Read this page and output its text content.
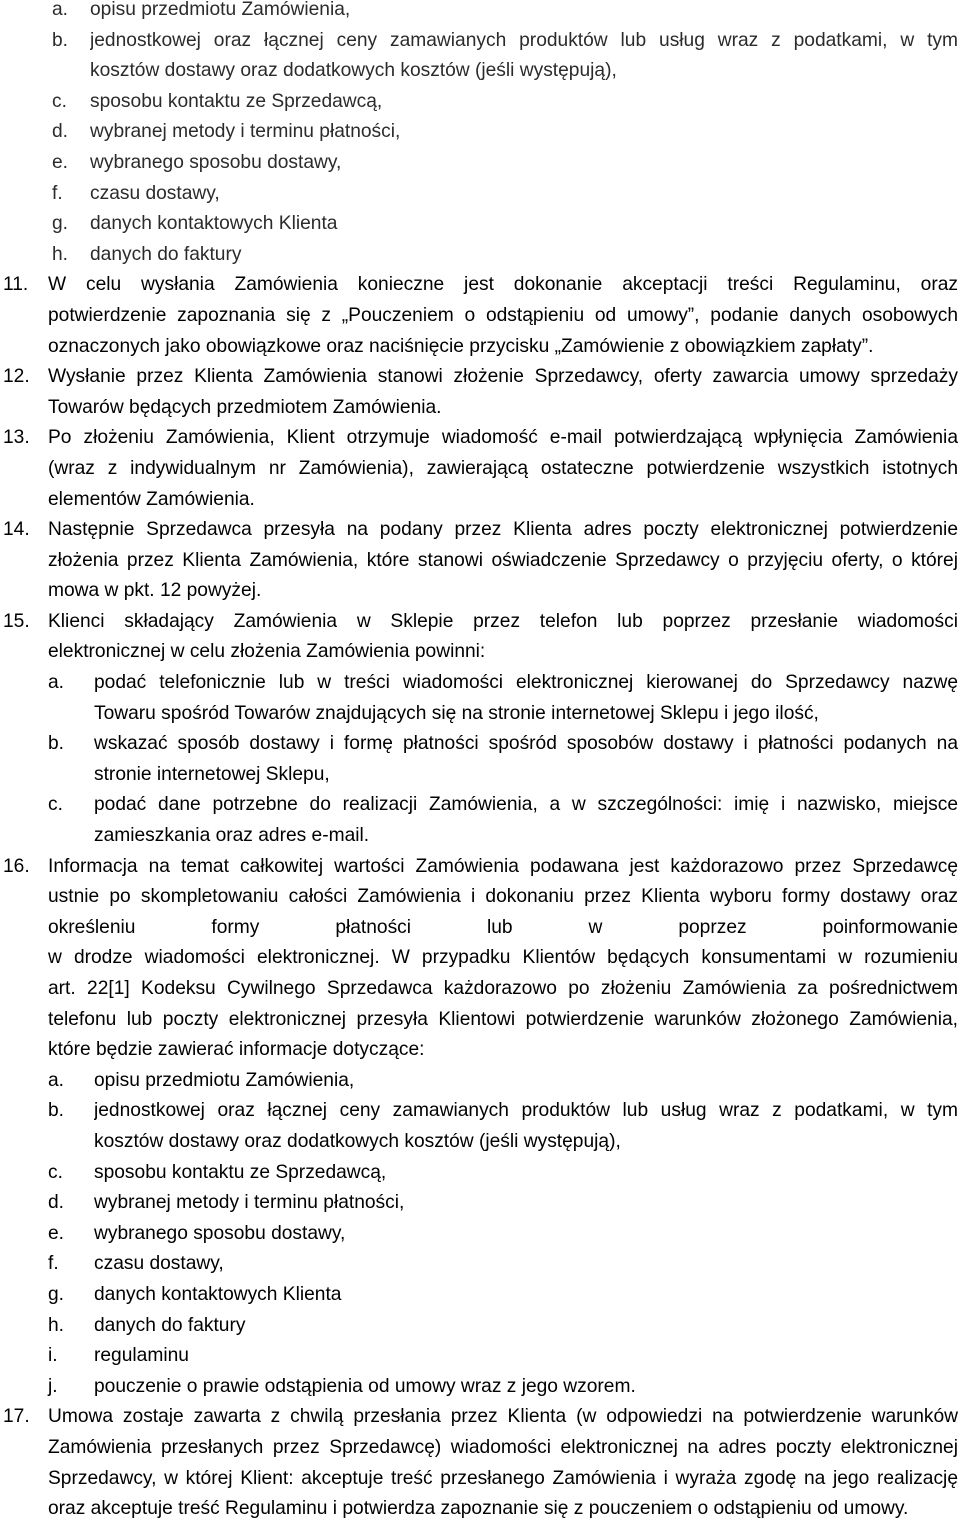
a. opisu przedmiotu Zamówienia,
b. jednostkowej oraz łącznej ceny zamawianych produktów lub usług wraz z podatkami, w tym
kosztów dostawy oraz dodatkowych kosztów (jeśli występują),
c. sposobu kontaktu ze Sprzedawcą,
d. wybranej metody i terminu płatności,
e. wybranego sposobu dostawy,
f. czasu dostawy,
g. danych kontaktowych Klienta
h. danych do faktury
11. W celu wysłania Zamówienia konieczne jest dokonanie akceptacji treści Regulaminu, oraz
potwierdzenie zapoznania się z „Pouczeniem o odstąpieniu od umowy”, podanie danych osobowych
oznaczonych jako obowiązkowe oraz naciśnięcie przycisku „Zamówienie z obowiązkiem zapłaty”.
12. Wysłanie przez Klienta Zamówienia stanowi złożenie Sprzedawcy, oferty zawarcia umowy sprzedaży
Towarów będących przedmiotem Zamówienia.
13. Po złożeniu Zamówienia, Klient otrzymuje wiadomość e-mail potwierdzającą wpłynięcia Zamówienia
(wraz z indywidualnym nr Zamówienia), zawierającą ostateczne potwierdzenie wszystkich istotnych
elementów Zamówienia.
14. Następnie Sprzedawca przesyła na podany przez Klienta adres poczty elektronicznej potwierdzenie
złożenia przez Klienta Zamówienia, które stanowi oświadczenie Sprzedawcy o przyjęciu oferty, o której
mowa w pkt. 12 powyżej.
15. Klienci składający Zamówienia w Sklepie przez telefon lub poprzez przesłanie wiadomości
elektronicznej w celu złożenia Zamówienia powinni:
a. podać telefonicznie lub w treści wiadomości elektronicznej kierowanej do Sprzedawcy nazwę
Towaru spośród Towarów znajdujących się na stronie internetowej Sklepu i jego ilość,
b. wskazać sposób dostawy i formę płatności spośród sposobów dostawy i płatności podanych na
stronie internetowej Sklepu,
c. podać dane potrzebne do realizacji Zamówienia, a w szczególności: imię i nazwisko, miejsce
zamieszkania oraz adres e-mail.
16. Informacja na temat całkowitej wartości Zamówienia podawana jest każdorazowo przez Sprzedawcę
ustnie po skompletowaniu całości Zamówienia i dokonaniu przez Klienta wyboru formy dostawy oraz
określeniu formy płatności lub w poprzez poinformowanie
w drodze wiadomości elektronicznej. W przypadku Klientów będących konsumentami w rozumieniu
art. 22[1] Kodeksu Cywilnego Sprzedawca każdorazowo po złożeniu Zamówienia za pośrednictwem
telefonu lub poczty elektronicznej przesyła Klientowi potwierdzenie warunków złożonego Zamówienia,
które będzie zawierać informacje dotyczące:
a. opisu przedmiotu Zamówienia,
b. jednostkowej oraz łącznej ceny zamawianych produktów lub usług wraz z podatkami, w tym
kosztów dostawy oraz dodatkowych kosztów (jeśli występują),
c. sposobu kontaktu ze Sprzedawcą,
d. wybranej metody i terminu płatności,
e. wybranego sposobu dostawy,
f. czasu dostawy,
g. danych kontaktowych Klienta
h. danych do faktury
i. regulaminu
j. pouczenie o prawie odstąpienia od umowy wraz z jego wzorem.
17. Umowa zostaje zawarta z chwilą przesłania przez Klienta (w odpowiedzi na potwierdzenie warunków
Zamówienia przesłanych przez Sprzedawcę) wiadomości elektronicznej na adres poczty elektronicznej
Sprzedawcy, w której Klient: akceptuje treść przesłanego Zamówienia i wyraża zgodę na jego realizację
oraz akceptuje treść Regulaminu i potwierdza zapoznanie się z pouczeniem o odstąpieniu od umowy.
